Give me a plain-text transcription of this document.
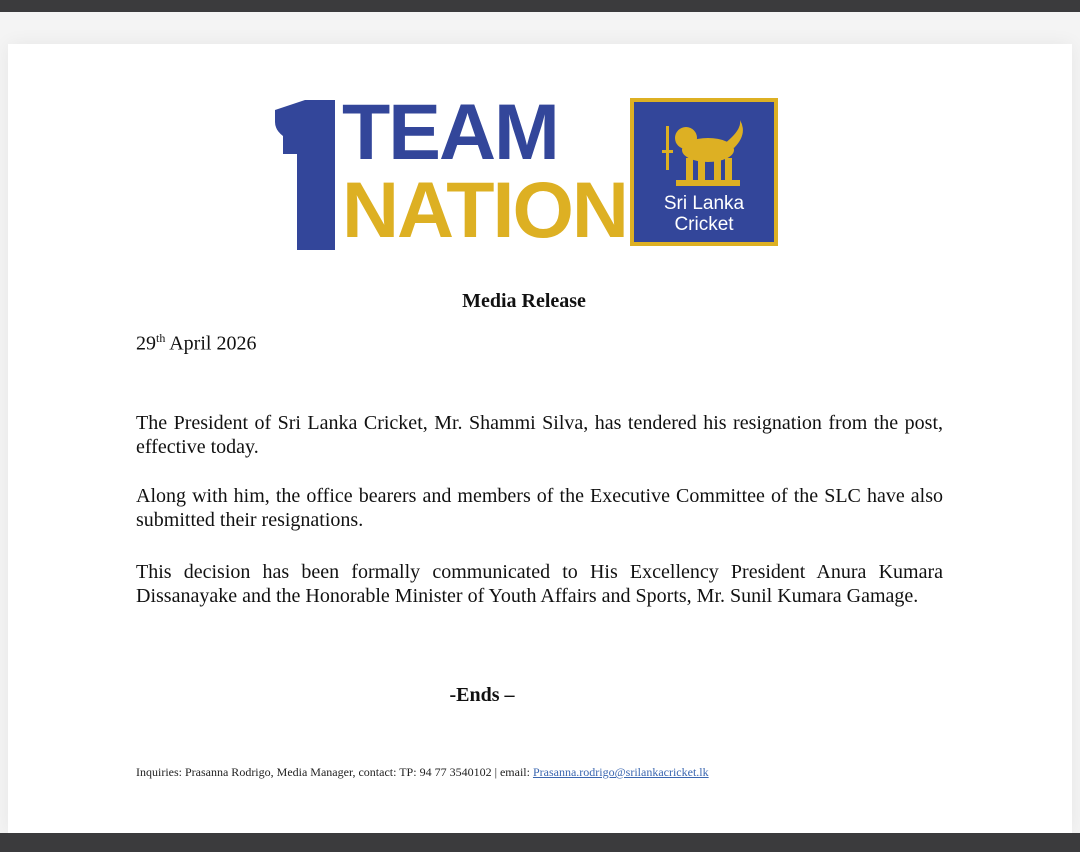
TEAM
NATION	Sri Lanka
Cricket
Media Release
29th April 2026

The President of Sri Lanka Cricket, Mr. Shammi Silva, has tendered his resignation from the post, effective today.

Along with him, the office bearers and members of the Executive Committee of the SLC have also submitted their resignations.

This decision has been formally communicated to His Excellency President Anura Kumara Dissanayake and the Honorable Minister of Youth Affairs and Sports, Mr. Sunil Kumara Gamage.

-Ends –
Inquiries: Prasanna Rodrigo, Media Manager, contact: TP: 94 77 3540102 | email: Prasanna.rodrigo@srilankacricket.lk
